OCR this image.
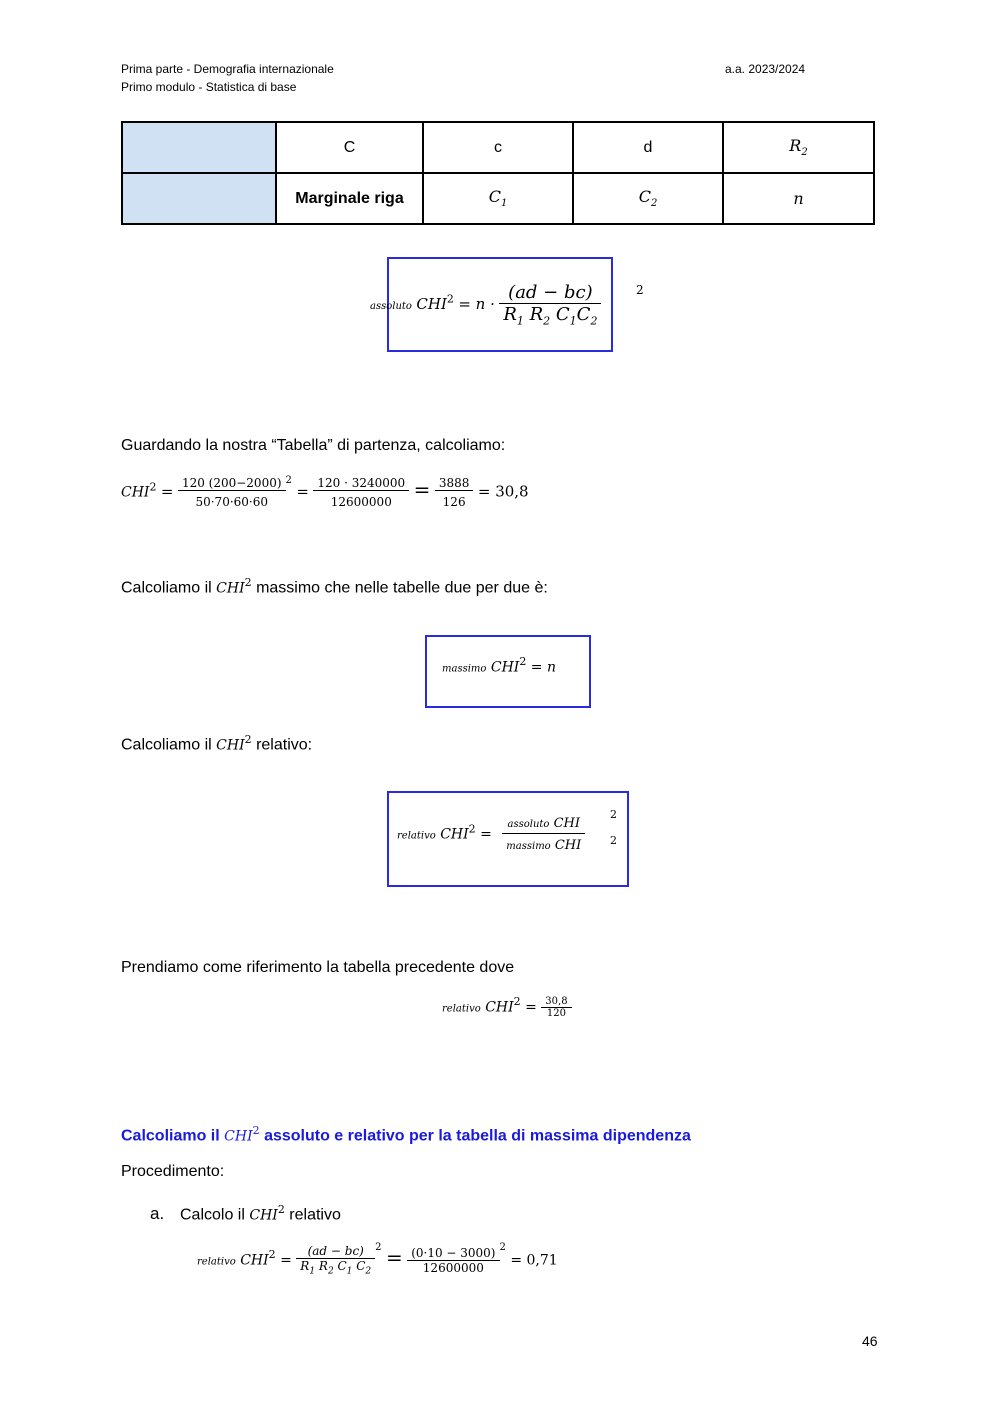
Prima parte - Demografia internazionale
Primo modulo - Statistica di base
a.a. 2023/2024
	C	c	d	$R_2$
	Marginale riga	$C_1$	$C_2$	n
assoluto $CHI^2 = n \cdot \frac{(ad - bc)}{R_1 R_2 C_1C_2}$	2
Guardando la nostra “Tabella” di partenza, calcoliamo:
$CHI^2 = \frac{120 (200-2000)}{50\cdot 70\cdot 60\cdot 60} ^2 = \frac{120 \cdot 3240000}{12600000} = \frac{3888}{126} = 30,8$
Calcoliamo il CHI$^2$ massimo che nelle tabelle due per due è:
massimo $CHI^2 = n$
Calcoliamo il CHI$^2$ relativo:
relativo $CHI^2 = \frac{\text{assoluto CHI}}{\text{massimo CHI}}$
2
2
Prendiamo come riferimento la tabella precedente dove
relativo $CHI^2 = \frac{30,8}{120}$
Calcoliamo il CHI$^2$ assoluto e relativo per la tabella di massima dipendenza
Procedimento:
a. Calcolo il CHI$^2$ relativo
relativo $CHI^2 = \frac{(ad - bc)}{R_1 R_2 C_1 C_2} ^2 = \frac{(0\cdot 10 - 3000)}{12600000} ^2 = 0,71$
46
